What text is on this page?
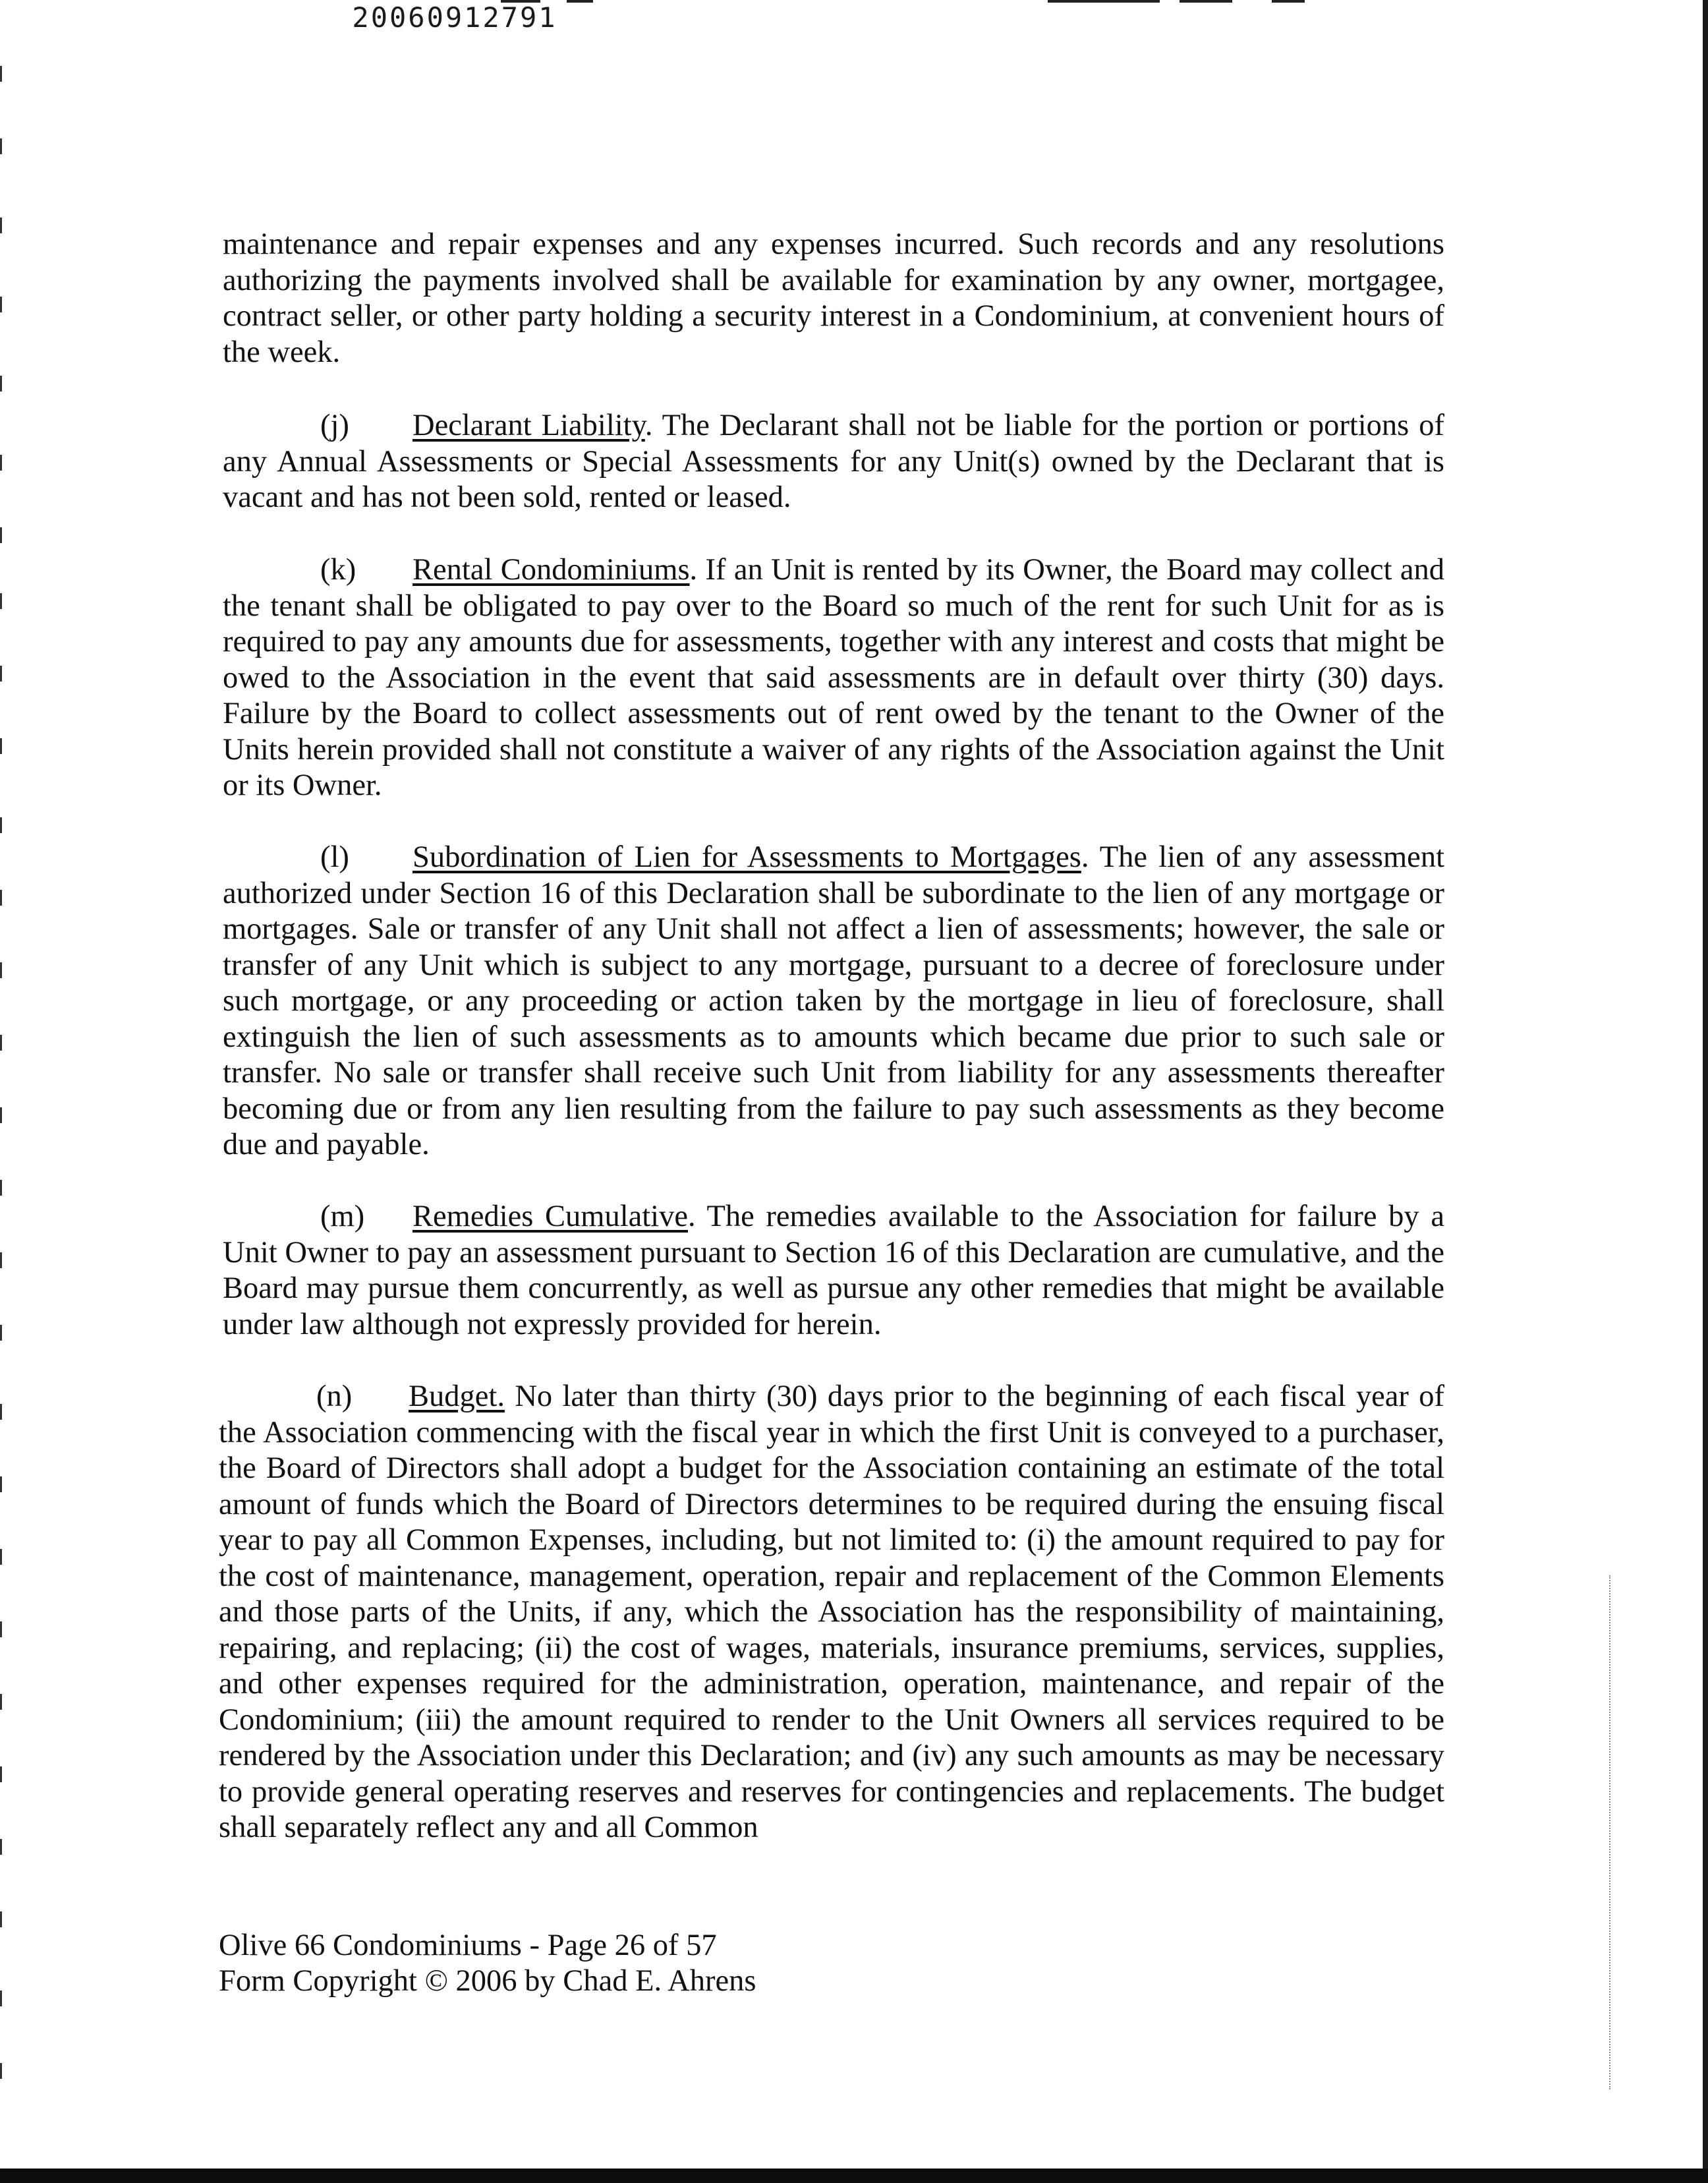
20060912791

maintenance and repair expenses and any expenses incurred. Such records and any resolutions authorizing the payments involved shall be available for examination by any owner, mortgagee, contract seller, or other party holding a security interest in a Condominium, at convenient hours of the week.

(j) Declarant Liability. The Declarant shall not be liable for the portion or portions of any Annual Assessments or Special Assessments for any Unit(s) owned by the Declarant that is vacant and has not been sold, rented or leased.

(k) Rental Condominiums. If an Unit is rented by its Owner, the Board may collect and the tenant shall be obligated to pay over to the Board so much of the rent for such Unit for as is required to pay any amounts due for assessments, together with any interest and costs that might be owed to the Association in the event that said assessments are in default over thirty (30) days. Failure by the Board to collect assessments out of rent owed by the tenant to the Owner of the Units herein provided shall not constitute a waiver of any rights of the Association against the Unit or its Owner.

(l) Subordination of Lien for Assessments to Mortgages. The lien of any assessment authorized under Section 16 of this Declaration shall be subordinate to the lien of any mortgage or mortgages. Sale or transfer of any Unit shall not affect a lien of assessments; however, the sale or transfer of any Unit which is subject to any mortgage, pursuant to a decree of foreclosure under such mortgage, or any proceeding or action taken by the mortgage in lieu of foreclosure, shall extinguish the lien of such assessments as to amounts which became due prior to such sale or transfer. No sale or transfer shall receive such Unit from liability for any assessments thereafter becoming due or from any lien resulting from the failure to pay such assessments as they become due and payable.

(m) Remedies Cumulative. The remedies available to the Association for failure by a Unit Owner to pay an assessment pursuant to Section 16 of this Declaration are cumulative, and the Board may pursue them concurrently, as well as pursue any other remedies that might be available under law although not expressly provided for herein.

(n) Budget. No later than thirty (30) days prior to the beginning of each fiscal year of the Association commencing with the fiscal year in which the first Unit is conveyed to a purchaser, the Board of Directors shall adopt a budget for the Association containing an estimate of the total amount of funds which the Board of Directors determines to be required during the ensuing fiscal year to pay all Common Expenses, including, but not limited to: (i) the amount required to pay for the cost of maintenance, management, operation, repair and replacement of the Common Elements and those parts of the Units, if any, which the Association has the responsibility of maintaining, repairing, and replacing; (ii) the cost of wages, materials, insurance premiums, services, supplies, and other expenses required for the administration, operation, maintenance, and repair of the Condominium; (iii) the amount required to render to the Unit Owners all services required to be rendered by the Association under this Declaration; and (iv) any such amounts as may be necessary to provide general operating reserves and reserves for contingencies and replacements. The budget shall separately reflect any and all Common

Olive 66 Condominiums - Page 26 of 57
Form Copyright © 2006 by Chad E. Ahrens
